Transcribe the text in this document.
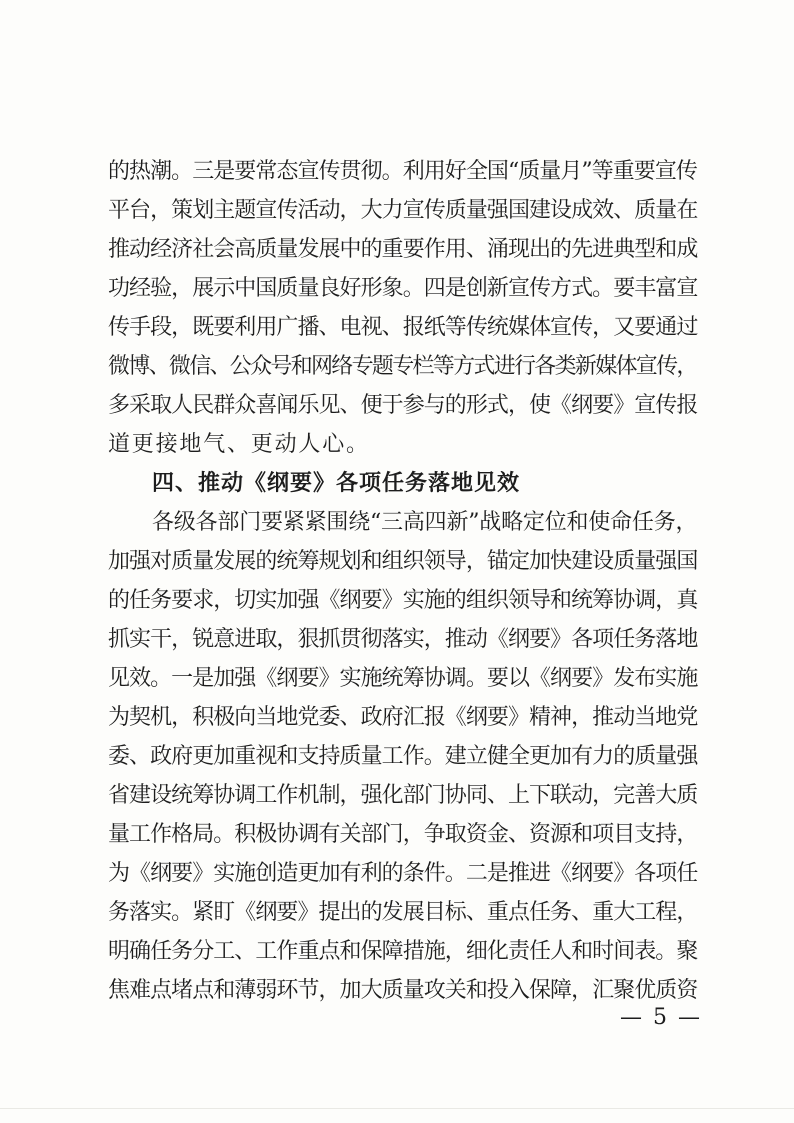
的热潮。三是要常态宣传贯彻。利用好全国“质量月”等重要宣传
平台，策划主题宣传活动，大力宣传质量强国建设成效、质量在
推动经济社会高质量发展中的重要作用、涌现出的先进典型和成
功经验，展示中国质量良好形象。四是创新宣传方式。要丰富宣
传手段，既要利用广播、电视、报纸等传统媒体宣传，又要通过
微博、微信、公众号和网络专题专栏等方式进行各类新媒体宣传，
多采取人民群众喜闻乐见、便于参与的形式，使《纲要》宣传报
道更接地气、更动人心。
四、推动《纲要》各项任务落地见效
各级各部门要紧紧围绕“三高四新”战略定位和使命任务，
加强对质量发展的统筹规划和组织领导，锚定加快建设质量强国
的任务要求，切实加强《纲要》实施的组织领导和统筹协调，真
抓实干，锐意进取，狠抓贯彻落实，推动《纲要》各项任务落地
见效。一是加强《纲要》实施统筹协调。要以《纲要》发布实施
为契机，积极向当地党委、政府汇报《纲要》精神，推动当地党
委、政府更加重视和支持质量工作。建立健全更加有力的质量强
省建设统筹协调工作机制，强化部门协同、上下联动，完善大质
量工作格局。积极协调有关部门，争取资金、资源和项目支持，
为《纲要》实施创造更加有利的条件。二是推进《纲要》各项任
务落实。紧盯《纲要》提出的发展目标、重点任务、重大工程，
明确任务分工、工作重点和保障措施，细化责任人和时间表。聚
焦难点堵点和薄弱环节，加大质量攻关和投入保障，汇聚优质资
— 5 —
